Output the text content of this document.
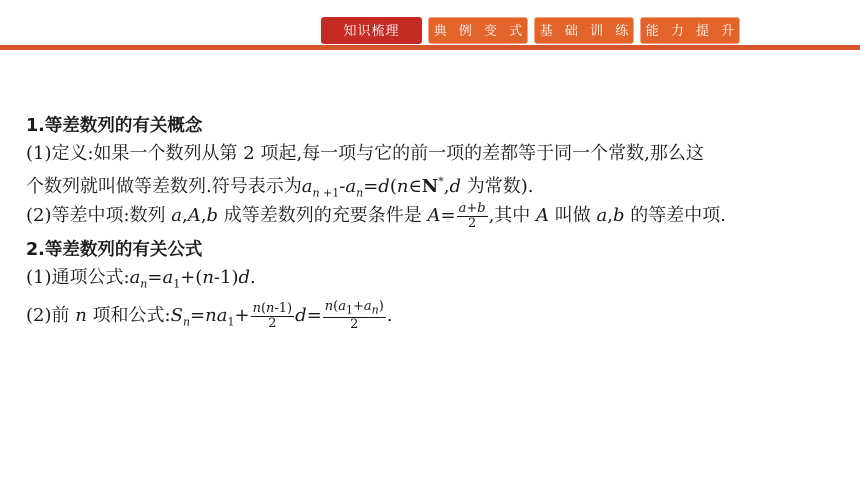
知识梳理	典 例 变 式	基 础 训 练	能 力 提 升
1.等差数列的有关概念
(1)定义:如果一个数列从第 2 项起,每一项与它的前一项的差都等于同一个常数,那么这
个数列就叫做等差数列.符号表示为$a_{n +1}-a_n=d(n\in N^*,d$ 为常数).
(2)等差中项:数列 a,A,b 成等差数列的充要条件是 $A= \frac{a+b}{2}$ ,其中 A 叫做 a,b 的等差中项.
2.等差数列的有关公式
(1)通项公式$:a_n=a_1+(n-1)d$.
(2)前 n 项和公式$:S_n=na_1+ \frac{n(n-1)}{2} d= \frac{n(a_1+a_n)}{2}$ .
